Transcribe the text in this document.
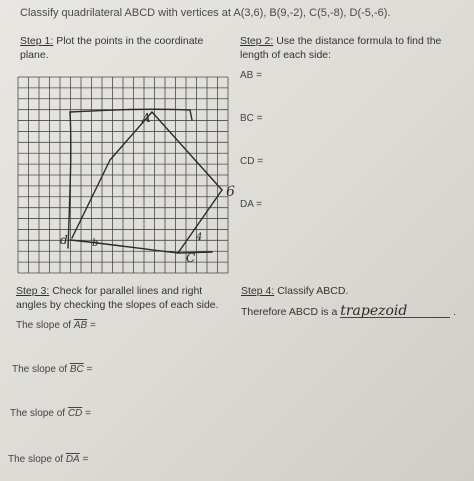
Classify quadrilateral ABCD with vertices at A(3,6), B(9,-2), C(5,-8), D(-5,-6).
Step 1: Plot the points in the coordinate
plane.
Step 2: Use the distance formula to find the
length of each side:
AB =
BC =
CD =
DA =
A
6
d b
C
4
Step 3: Check for parallel lines and right
angles by checking the slopes of each side.
The slope of $\overline{AB}$ =
The slope of $\overline{BC}$ =
The slope of $\overline{CD}$ =
The slope of $\overline{DA}$ =
Step 4: Classify ABCD.
Therefore ABCD is a trapezoid	.
